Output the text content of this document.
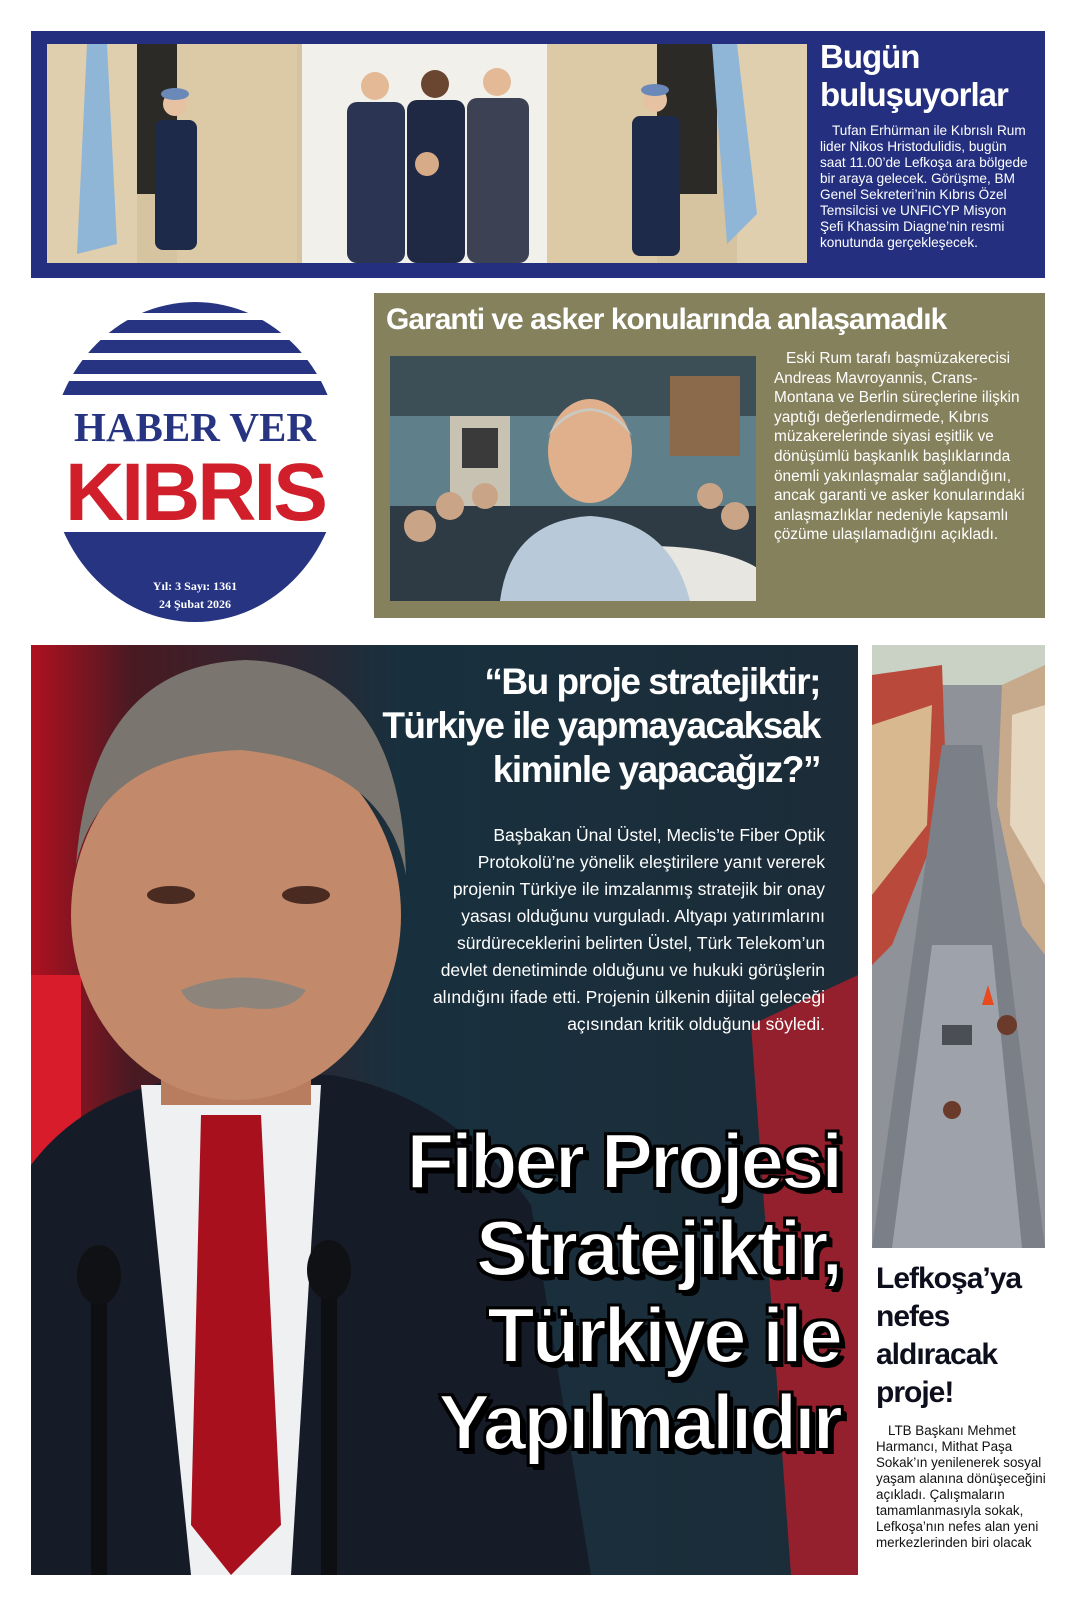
Bugün
buluşuyorlar

Tufan Erhürman ile Kıbrıslı Rum lider Nikos Hristodulidis, bugün saat 11.00’de Lefkoşa ara bölgede bir araya gelecek. Görüşme, BM Genel Sekreteri’nin Kıbrıs Özel Temsilcisi ve UNFICYP Misyon Şefi Khassim Diagne’nin resmi konutunda gerçekleşecek.

HABER VER
KIBRIS
Yıl: 3 Sayı: 1361
24 Şubat 2026
Garanti ve asker konularında anlaşamadık

Eski Rum tarafı başmüzakerecisi Andreas Mavroyannis, Crans-Montana ve Berlin süreçlerine ilişkin yaptığı değerlendirmede, Kıbrıs müzakerelerinde siyasi eşitlik ve dönüşümlü başkanlık başlıklarında önemli yakınlaşmalar sağlandığını, ancak garanti ve asker konularındaki anlaşmazlıklar nedeniyle kapsamlı çözüme ulaşılamadığını açıkladı.

“Bu proje stratejiktir;
Türkiye ile yapmayacaksak
kiminle yapacağız?”

Başbakan Ünal Üstel, Meclis’te Fiber Optik Protokolü’ne yönelik eleştirilere yanıt vererek projenin Türkiye ile imzalanmış stratejik bir onay yasası olduğunu vurguladı. Altyapı yatırımlarını sürdüreceklerini belirten Üstel, Türk Telekom’un devlet denetiminde olduğunu ve hukuki görüşlerin alındığını ifade etti. Projenin ülkenin dijital geleceği açısından kritik olduğunu söyledi.

Fiber Projesi
Stratejiktir,
Türkiye ile
Yapılmalıdır
Lefkoşa’ya
nefes
aldıracak
proje!

LTB Başkanı Mehmet Harmancı, Mithat Paşa Sokak’ın yenilenerek sosyal yaşam alanına dönüşeceğini açıkladı. Çalışmaların tamamlanmasıyla sokak, Lefkoşa’nın nefes alan yeni merkezlerinden biri olacak
